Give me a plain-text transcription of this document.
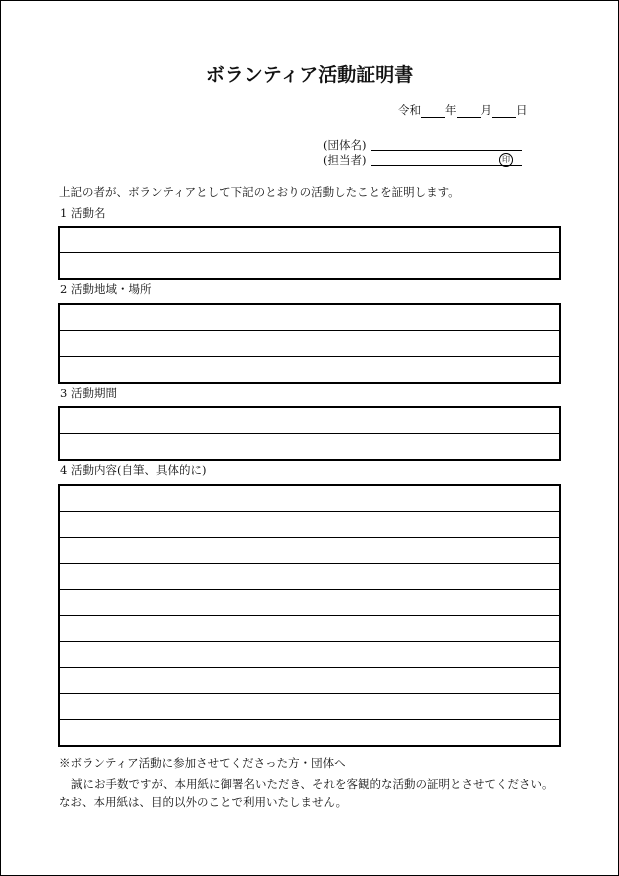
ボランティア活動証明書
令和 年 月 日
(団体名)
(担当者)	印
上記の者が、ボランティアとして下記のとおりの活動したことを証明します。
1 活動名
2 活動地域・場所
3 活動期間
4 活動内容(自筆、具体的に)
※ボランティア活動に参加させてくださった方・団体へ
誠にお手数ですが、本用紙に御署名いただき、それを客観的な活動の証明とさせてください。なお、本用紙は、目的以外のことで利用いたしません。
